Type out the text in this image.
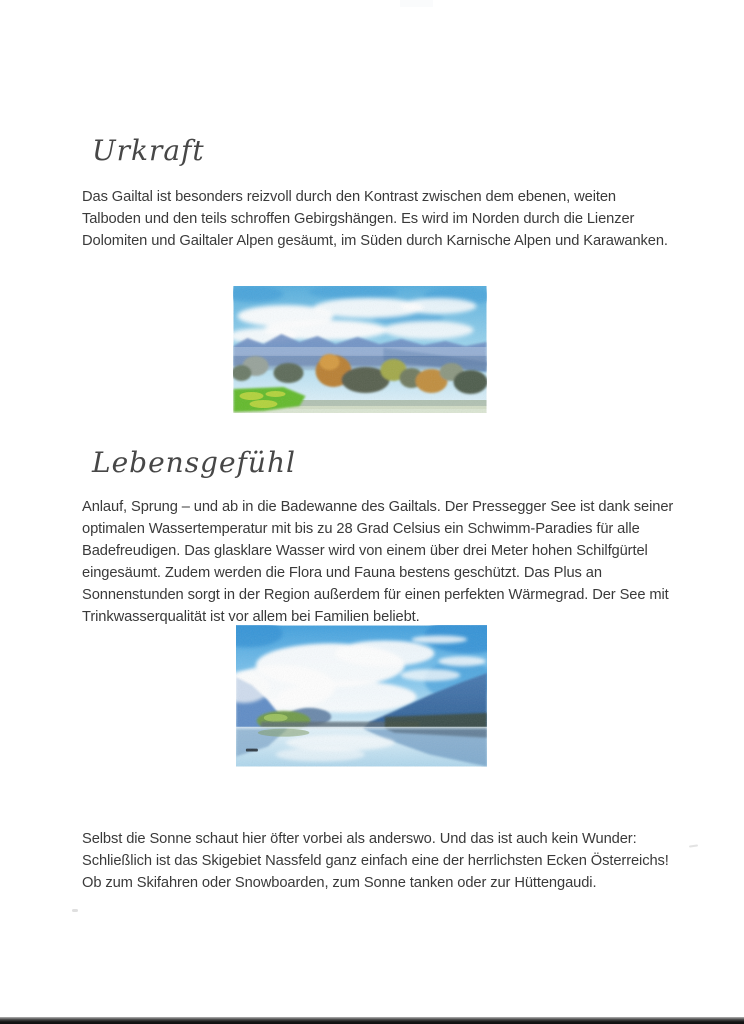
Urkraft
Das Gailtal ist besonders reizvoll durch den Kontrast zwischen dem ebenen, weiten Talboden und den teils schroffen Gebirgshängen. Es wird im Norden durch die Lienzer Dolomiten und Gailtaler Alpen gesäumt, im Süden durch Karnische Alpen und Karawanken.
Lebensgefühl
Anlauf, Sprung – und ab in die Badewanne des Gailtals. Der Pressegger See ist dank seiner optimalen Wassertemperatur mit bis zu 28 Grad Celsius ein Schwimm-Paradies für alle Badefreudigen. Das glasklare Wasser wird von einem über drei Meter hohen Schilfgürtel eingesäumt. Zudem werden die Flora und Fauna bestens geschützt. Das Plus an Sonnenstunden sorgt in der Region außerdem für einen perfekten Wärmegrad. Der See mit Trinkwasserqualität ist vor allem bei Familien beliebt.
Selbst die Sonne schaut hier öfter vorbei als anderswo. Und das ist auch kein Wunder: Schließlich ist das Skigebiet Nassfeld ganz einfach eine der herrlichsten Ecken Österreichs!
Ob zum Skifahren oder Snowboarden, zum Sonne tanken oder zur Hüttengaudi.
